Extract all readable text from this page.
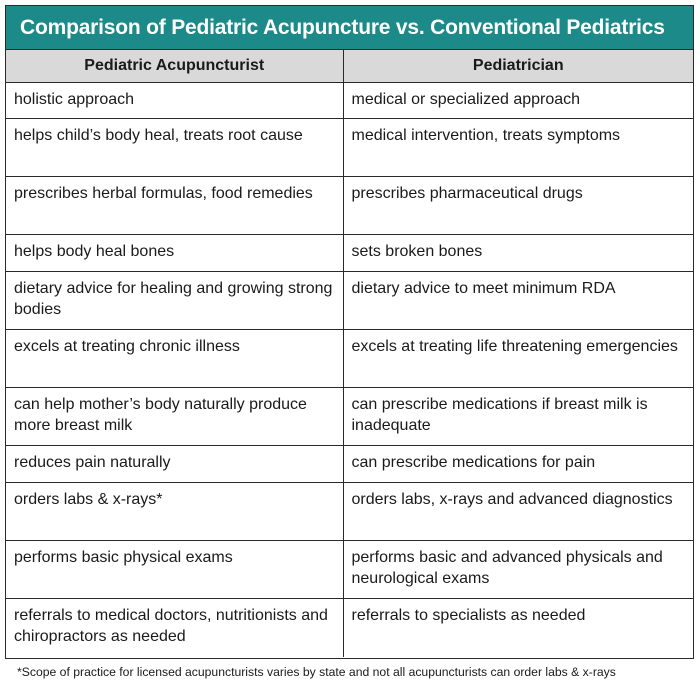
Comparison of Pediatric Acupuncture vs. Conventional Pediatrics
Pediatric Acupuncturist	Pediatrician
holistic approach	medical or specialized approach
helps child’s body heal, treats root cause	medical intervention, treats symptoms
prescribes herbal formulas, food remedies	prescribes pharmaceutical drugs
helps body heal bones	sets broken bones
dietary advice for healing and growing strong bodies	dietary advice to meet minimum RDA
excels at treating chronic illness	excels at treating life threatening emergencies
can help mother’s body naturally produce more breast milk	can prescribe medications if breast milk is inadequate
reduces pain naturally	can prescribe medications for pain
orders labs & x-rays*	orders labs, x-rays and advanced diagnostics
performs basic physical exams	performs basic and advanced physicals and neurological exams
referrals to medical doctors, nutritionists and chiropractors as needed	referrals to specialists as needed
*Scope of practice for licensed acupuncturists varies by state and not all acupuncturists can order labs & x-rays
